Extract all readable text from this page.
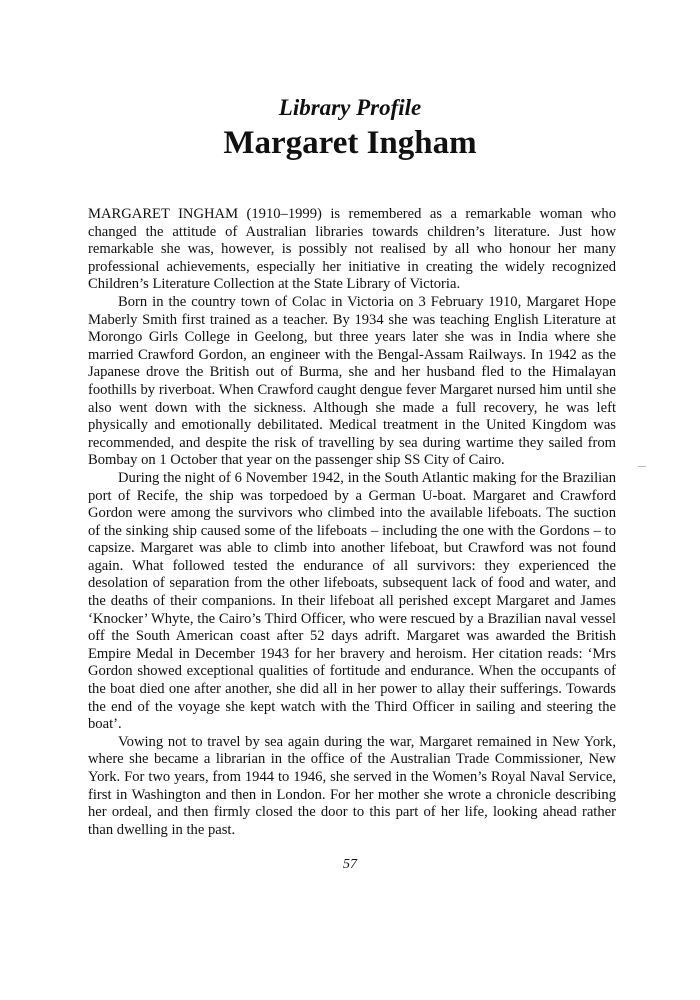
Library Profile
Margaret Ingham

MARGARET INGHAM (1910–1999) is remembered as a remarkable woman who changed the attitude of Australian libraries towards children’s literature. Just how remarkable she was, however, is possibly not realised by all who honour her many professional achievements, especially her initiative in creating the widely recognized Children’s Literature Collection at the State Library of Victoria.

Born in the country town of Colac in Victoria on 3 February 1910, Margaret Hope Maberly Smith first trained as a teacher. By 1934 she was teaching English Literature at Morongo Girls College in Geelong, but three years later she was in India where she married Crawford Gordon, an engineer with the Bengal-Assam Railways. In 1942 as the Japanese drove the British out of Burma, she and her husband fled to the Himalayan foothills by riverboat. When Crawford caught dengue fever Margaret nursed him until she also went down with the sickness. Although she made a full recovery, he was left physically and emotionally debilitated. Medical treatment in the United Kingdom was recommended, and despite the risk of travelling by sea during wartime they sailed from Bombay on 1 October that year on the passenger ship SS City of Cairo.

During the night of 6 November 1942, in the South Atlantic making for the Brazilian port of Recife, the ship was torpedoed by a German U-boat. Margaret and Crawford Gordon were among the survivors who climbed into the available lifeboats. The suction of the sinking ship caused some of the lifeboats – including the one with the Gordons – to capsize. Margaret was able to climb into another lifeboat, but Crawford was not found again. What followed tested the endurance of all survivors: they experienced the desolation of separation from the other lifeboats, subsequent lack of food and water, and the deaths of their companions. In their lifeboat all perished except Margaret and James ‘Knocker’ Whyte, the Cairo’s Third Officer, who were rescued by a Brazilian naval vessel off the South American coast after 52 days adrift. Margaret was awarded the British Empire Medal in December 1943 for her bravery and heroism. Her citation reads: ‘Mrs Gordon showed exceptional qualities of fortitude and endurance. When the occupants of the boat died one after another, she did all in her power to allay their sufferings. Towards the end of the voyage she kept watch with the Third Officer in sailing and steering the boat’.

Vowing not to travel by sea again during the war, Margaret remained in New York, where she became a librarian in the office of the Australian Trade Commissioner, New York. For two years, from 1944 to 1946, she served in the Women’s Royal Naval Service, first in Washington and then in London. For her mother she wrote a chronicle describing her ordeal, and then firmly closed the door to this part of her life, looking ahead rather than dwelling in the past.

57
